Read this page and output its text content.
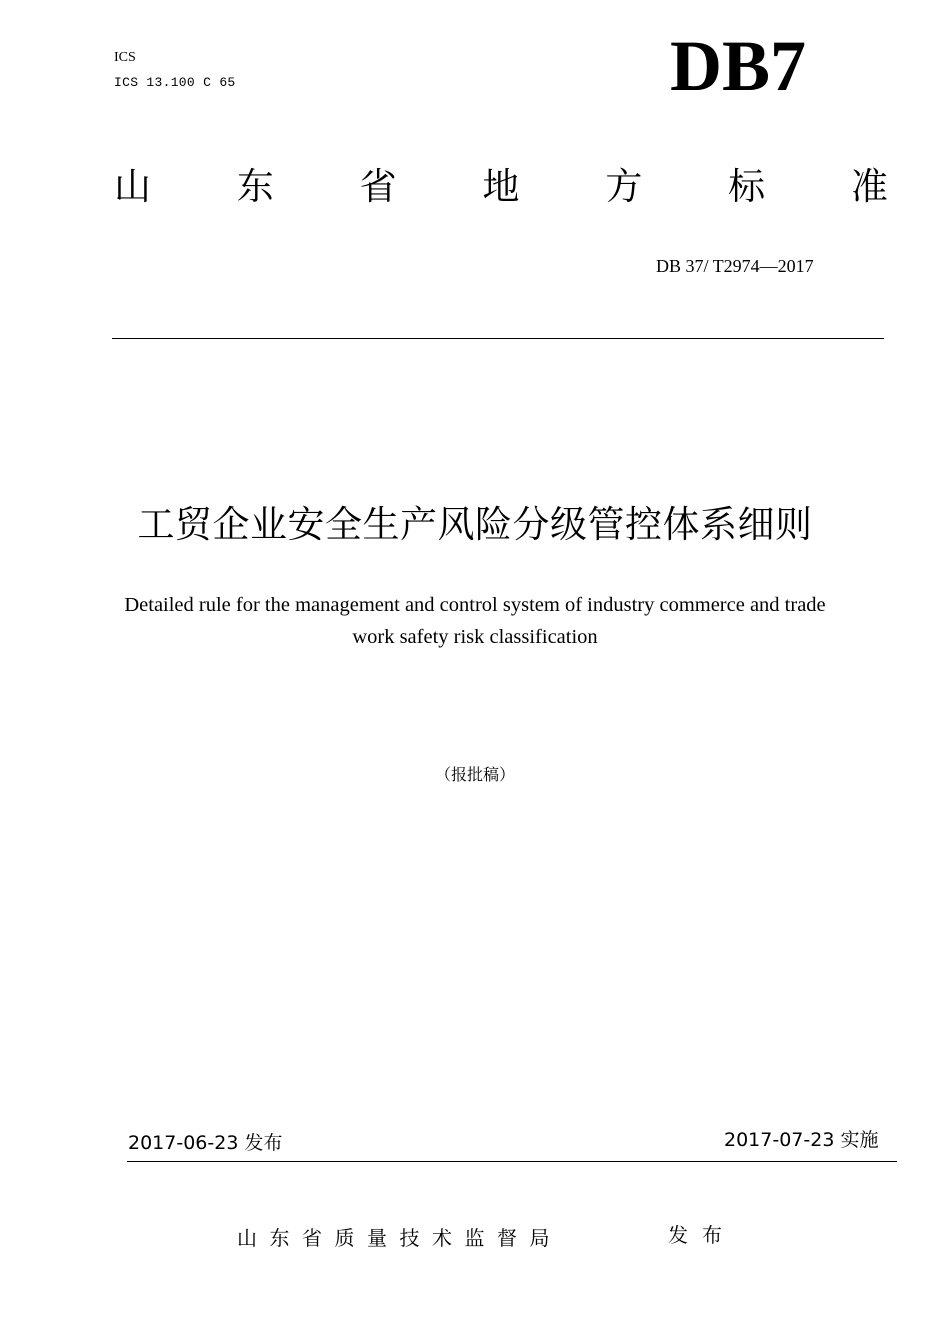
ICS
ICS 13.100 C 65	DB7
山 东 省 地 方 标 准
DB 37/ T2974—2017
工贸企业安全生产风险分级管控体系细则
Detailed rule for the management and control system of industry commerce and trade
work safety risk classification
（报批稿）
2017-06-23 发布	2017-07-23 实施
山东省质量技术监督局	发布
